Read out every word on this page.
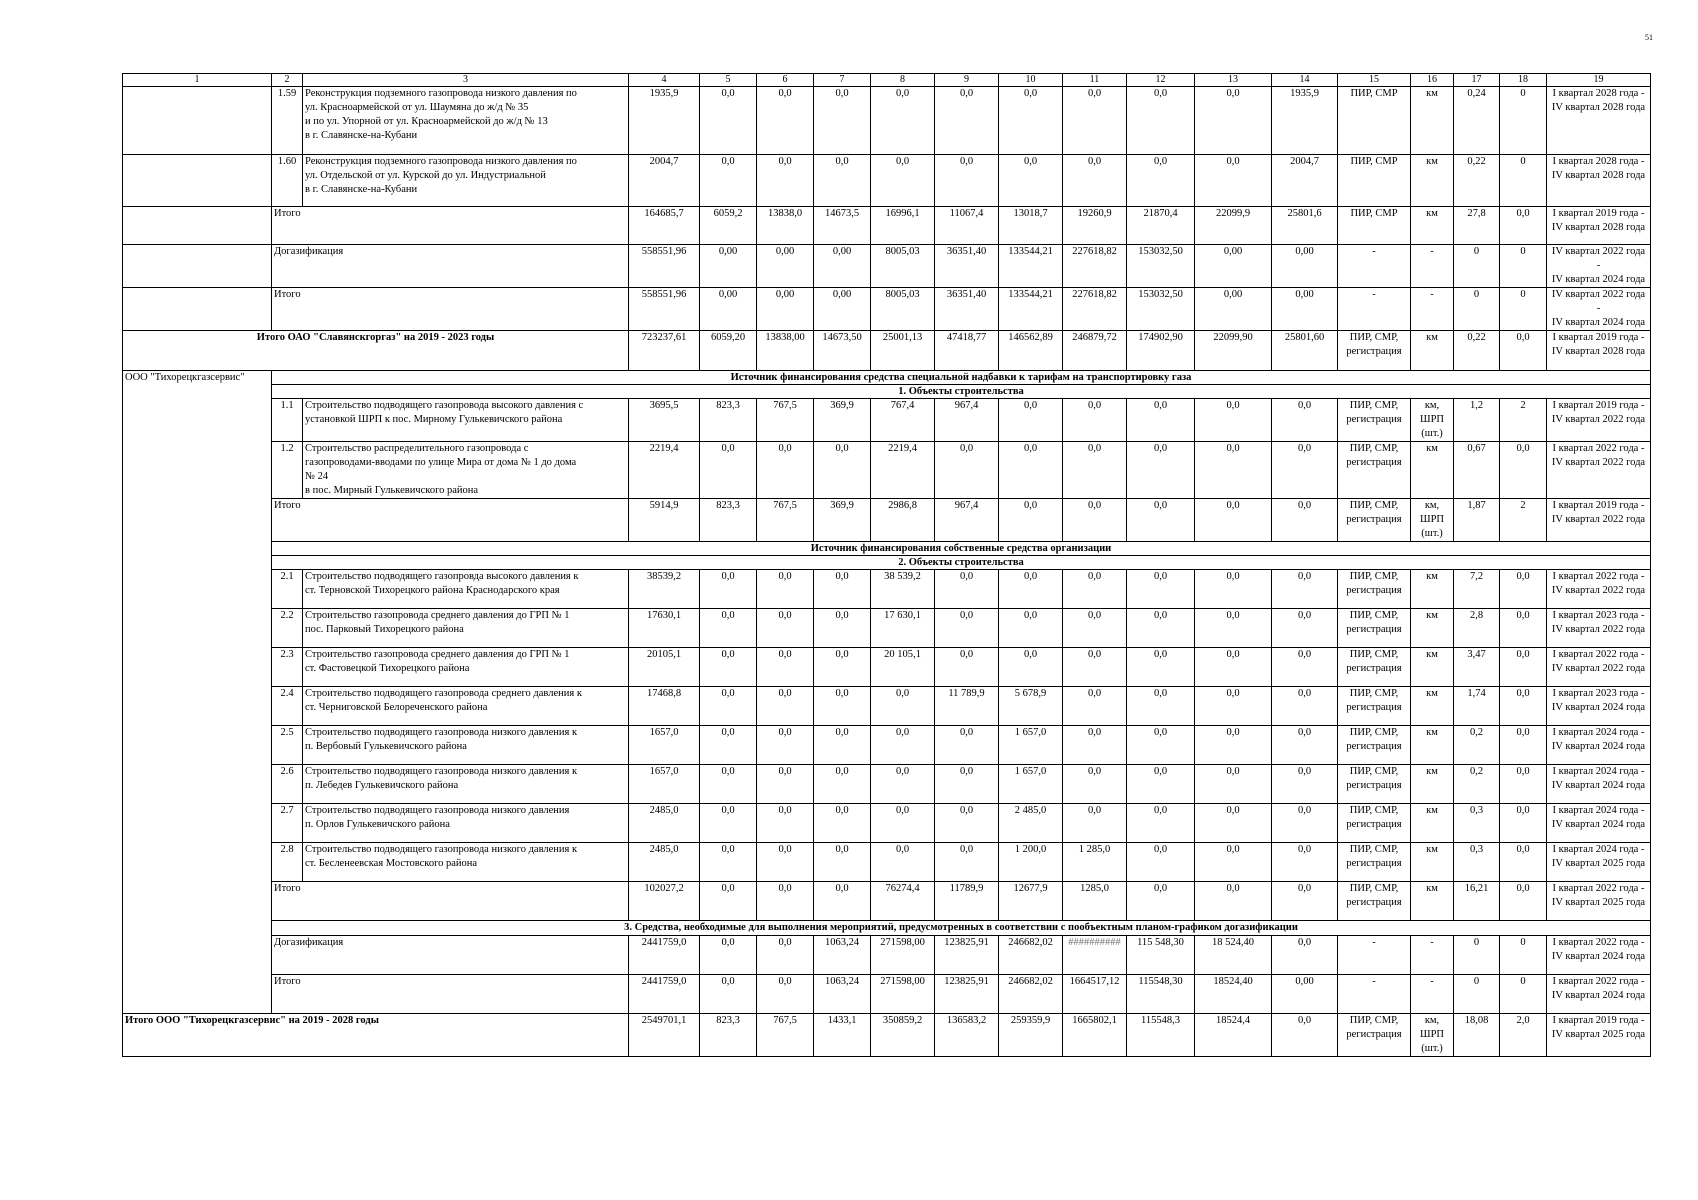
51
1	2	3	4	5	6	7	8	9	10	11	12	13	14	15	16	17	18	19
	1.59	Реконструкция подземного газопровода низкого давления по
ул. Красноармейской от ул. Шаумяна до ж/д № 35
и по ул. Упорной от ул. Красноармейской до ж/д № 13
в г. Славянске-на-Кубани	1935,9	0,0	0,0	0,0	0,0	0,0	0,0	0,0	0,0	0,0	1935,9	ПИР, СМР	км	0,24	0	I квартал 2028 года -
IV квартал 2028 года
	1.60	Реконструкция подземного газопровода низкого давления по
ул. Отдельской от ул. Курской до ул. Индустриальной
в г. Славянске-на-Кубани	2004,7	0,0	0,0	0,0	0,0	0,0	0,0	0,0	0,0	0,0	2004,7	ПИР, СМР	км	0,22	0	I квартал 2028 года -
IV квартал 2028 года
	Итого		164685,7	6059,2	13838,0	14673,5	16996,1	11067,4	13018,7	19260,9	21870,4	22099,9	25801,6	ПИР, СМР	км	27,8	0,0	I квартал 2019 года -
IV квартал 2028 года
	Догазификация		558551,96	0,00	0,00	0,00	8005,03	36351,40	133544,21	227618,82	153032,50	0,00	0,00	-	-	0	0	IV квартал 2022 года -
IV квартал 2024 года
	Итого		558551,96	0,00	0,00	0,00	8005,03	36351,40	133544,21	227618,82	153032,50	0,00	0,00	-	-	0	0	IV квартал 2022 года -
IV квартал 2024 года
Итого ОАО "Славянскгоргаз" на 2019 - 2023 годы			723237,61	6059,20	13838,00	14673,50	25001,13	47418,77	146562,89	246879,72	174902,90	22099,90	25801,60	ПИР, СМР,
регистрация	км	0,22	0,0	I квартал 2019 года -
IV квартал 2028 года
ООО "Тихорецкгазсервис"	Источник финансирования средства специальной надбавки к тарифам на транспортировку газа																	
	1. Объекты строительства																	
	1.1	Строительство подводящего газопровода высокого давления с
установкой ШРП к пос. Мирному Гулькевичского района	3695,5	823,3	767,5	369,9	767,4	967,4	0,0	0,0	0,0	0,0	0,0	ПИР, СМР,
регистрация	км,
ШРП
(шт.)	1,2	2	I квартал 2019 года -
IV квартал 2022 года
	1.2	Строительство распределительного газопровода с
газопроводами-вводами по улице Мира от дома № 1 до дома
№ 24
в пос. Мирный Гулькевичского района	2219,4	0,0	0,0	0,0	2219,4	0,0	0,0	0,0	0,0	0,0	0,0	ПИР, СМР,
регистрация	км	0,67	0,0	I квартал 2022 года -
IV квартал 2022 года
	Итого		5914,9	823,3	767,5	369,9	2986,8	967,4	0,0	0,0	0,0	0,0	0,0	ПИР, СМР,
регистрация	км,
ШРП
(шт.)	1,87	2	I квартал 2019 года -
IV квартал 2022 года
	Источник финансирования собственные средства организации																	
	2. Объекты строительства																	
	2.1	Строительство подводящего газопровда высокого давления к
ст. Терновской Тихорецкого района Краснодарского края	38539,2	0,0	0,0	0,0	38 539,2	0,0	0,0	0,0	0,0	0,0	0,0	ПИР, СМР,
регистрация	км	7,2	0,0	I квартал 2022 года -
IV квартал 2022 года
	2.2	Строительство газопровода среднего давления до ГРП № 1
пос. Парковый Тихорецкого района	17630,1	0,0	0,0	0,0	17 630,1	0,0	0,0	0,0	0,0	0,0	0,0	ПИР, СМР,
регистрация	км	2,8	0,0	I квартал 2023 года -
IV квартал 2022 года
	2.3	Строительство газопровода среднего давления до ГРП № 1
ст. Фастовецкой Тихорецкого района	20105,1	0,0	0,0	0,0	20 105,1	0,0	0,0	0,0	0,0	0,0	0,0	ПИР, СМР,
регистрация	км	3,47	0,0	I квартал 2022 года -
IV квартал 2022 года
	2.4	Строительство подводящего газопровода среднего давления к
ст. Черниговской Белореченского района	17468,8	0,0	0,0	0,0	0,0	11 789,9	5 678,9	0,0	0,0	0,0	0,0	ПИР, СМР,
регистрация	км	1,74	0,0	I квартал 2023 года -
IV квартал 2024 года
	2.5	Строительство подводящего газопровода низкого давления к
п. Вербовый Гулькевичского района	1657,0	0,0	0,0	0,0	0,0	0,0	1 657,0	0,0	0,0	0,0	0,0	ПИР, СМР,
регистрация	км	0,2	0,0	I квартал 2024 года -
IV квартал 2024 года
	2.6	Строительство подводящего газопровода низкого давления к
п. Лебедев Гулькевичского района	1657,0	0,0	0,0	0,0	0,0	0,0	1 657,0	0,0	0,0	0,0	0,0	ПИР, СМР,
регистрация	км	0,2	0,0	I квартал 2024 года -
IV квартал 2024 года
	2.7	Строительство подводящего газопровода низкого давления
п. Орлов Гулькевичского района	2485,0	0,0	0,0	0,0	0,0	0,0	2 485,0	0,0	0,0	0,0	0,0	ПИР, СМР,
регистрация	км	0,3	0,0	I квартал 2024 года -
IV квартал 2024 года
	2.8	Строительство подводящего газопровода низкого давления к
ст. Бесленеевская Мостовского района	2485,0	0,0	0,0	0,0	0,0	0,0	1 200,0	1 285,0	0,0	0,0	0,0	ПИР, СМР,
регистрация	км	0,3	0,0	I квартал 2024 года -
IV квартал 2025 года
	Итого		102027,2	0,0	0,0	0,0	76274,4	11789,9	12677,9	1285,0	0,0	0,0	0,0	ПИР, СМР,
регистрация	км	16,21	0,0	I квартал 2022 года -
IV квартал 2025 года
	3. Средства, необходимые для выполнения мероприятий, предусмотренных в соответствии с пообъектным планом-графиком догазификации																	
	Догазификация		2441759,0	0,0	0,0	1063,24	271598,00	123825,91	246682,02	##########	115 548,30	18 524,40	0,0	-	-	0	0	I квартал 2022 года -
IV квартал 2024 года
	Итого		2441759,0	0,0	0,0	1063,24	271598,00	123825,91	246682,02	1664517,12	115548,30	18524,40	0,00	-	-	0	0	I квартал 2022 года -
IV квартал 2024 года
Итого ООО "Тихорецкгазсервис" на 2019 - 2028 годы			2549701,1	823,3	767,5	1433,1	350859,2	136583,2	259359,9	1665802,1	115548,3	18524,4	0,0	ПИР, СМР,
регистрация	км,
ШРП
(шт.)	18,08	2,0	I квартал 2019 года -
IV квартал 2025 года
